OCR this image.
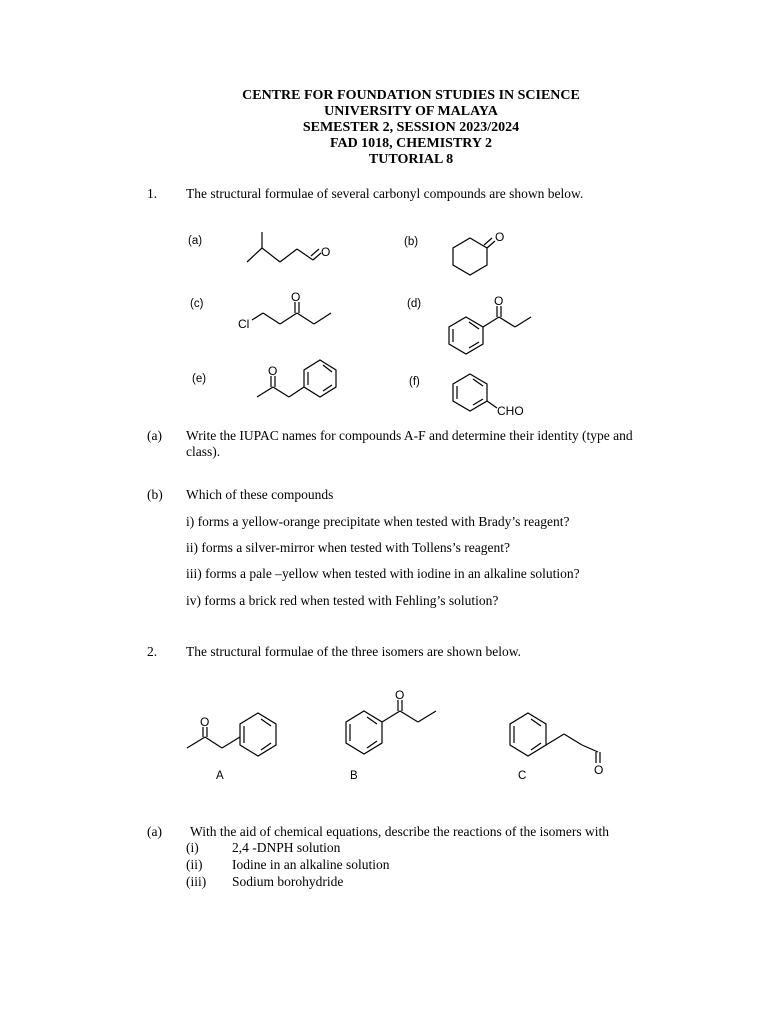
CENTRE FOR FOUNDATION STUDIES IN SCIENCE
UNIVERSITY OF MALAYA
SEMESTER 2, SESSION 2023/2024
FAD 1018, CHEMISTRY 2
TUTORIAL 8
1. The structural formulae of several carbonyl compounds are shown below.
(a)	(b)
(c)	(d)
(e)	(f)
O
O
Cl
O	O
O
CHO
(a) Write the IUPAC names for compounds A-F and determine their identity (type and
class).
(b) Which of these compounds
i) forms a yellow-orange precipitate when tested with Brady’s reagent?
ii) forms a silver-mirror when tested with Tollens’s reagent?
iii) forms a pale –yellow when tested with iodine in an alkaline solution?
iv) forms a brick red when tested with Fehling’s solution?
2. The structural formulae of the three isomers are shown below.
O
A
O
B	O
C
(a) With the aid of chemical equations, describe the reactions of the isomers with
(i) 2,4 -DNPH solution
(ii) Iodine in an alkaline solution
(iii) Sodium borohydride
